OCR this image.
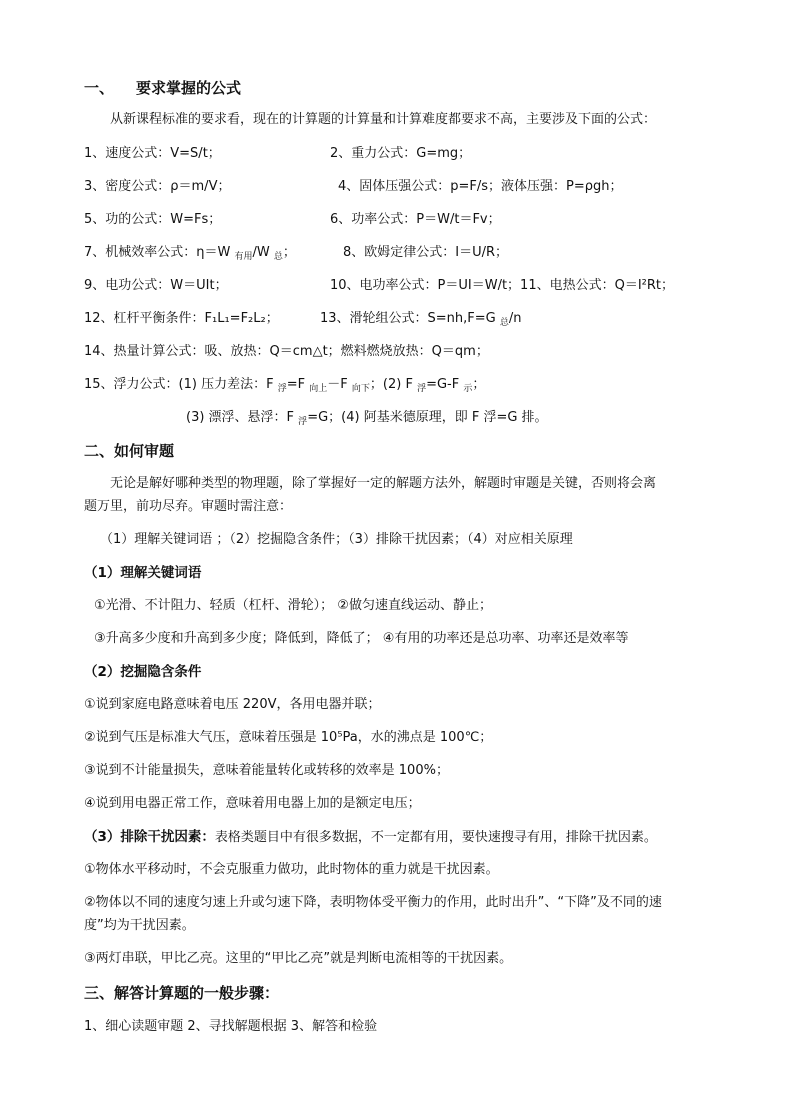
一、 要求掌握的公式
从新课程标准的要求看，现在的计算题的计算量和计算难度都要求不高，主要涉及下面的公式：
1、速度公式：V=S/t；	2、重力公式：G=mg；
3、密度公式：ρ＝m/V；	4、固体压强公式：p=F/s；液体压强：P=ρgh；
5、功的公式：W=Fs；	6、功率公式：P＝W/t＝Fv；
7、机械效率公式：η＝W $_{有用}$/W $_总$；	8、欧姆定律公式：I＝U/R；
9、电功公式：W＝UIt；	10、电功率公式：P＝UI＝W/t；11、电热公式：Q＝I²Rt；
12、杠杆平衡条件：F₁L₁=F₂L₂；	13、滑轮组公式：S=nh,F=G $_总$/n
14、热量计算公式：吸、放热：Q＝cm△t；燃料燃烧放热：Q＝qm；
15、浮力公式：(1) 压力差法：F $_浮$=F $_{向上}$－F $_{向下}$；(2) F $_浮$=G-F $_示$；
(3) 漂浮、悬浮：F $_浮$=G；(4) 阿基米德原理，即 F 浮=G 排。
二、如何审题
无论是解好哪种类型的物理题，除了掌握好一定的解题方法外，解题时审题是关键，否则将会离
题万里，前功尽弃。审题时需注意：
（1）理解关键词语 ；（2）挖掘隐含条件；（3）排除干扰因素；（4）对应相关原理
（1）理解关键词语
①光滑、不计阻力、轻质（杠杆、滑轮）； ②做匀速直线运动、静止；
③升高多少度和升高到多少度；降低到，降低了； ④有用的功率还是总功率、功率还是效率等
（2）挖掘隐含条件
①说到家庭电路意味着电压 220V，各用电器并联；
②说到气压是标准大气压，意味着压强是 10⁵Pa，水的沸点是 100℃；
③说到不计能量损失，意味着能量转化或转移的效率是 100%；
④说到用电器正常工作，意味着用电器上加的是额定电压；
（3）排除干扰因素：表格类题目中有很多数据，不一定都有用，要快速搜寻有用，排除干扰因素。
①物体水平移动时，不会克服重力做功，此时物体的重力就是干扰因素。
②物体以不同的速度匀速上升或匀速下降，表明物体受平衡力的作用，此时出升”、“下降”及不同的速
度”均为干扰因素。
③两灯串联，甲比乙亮。这里的“甲比乙亮”就是判断电流相等的干扰因素。
三、解答计算题的一般步骤：
1、细心读题审题 2、寻找解题根据 3、解答和检验
